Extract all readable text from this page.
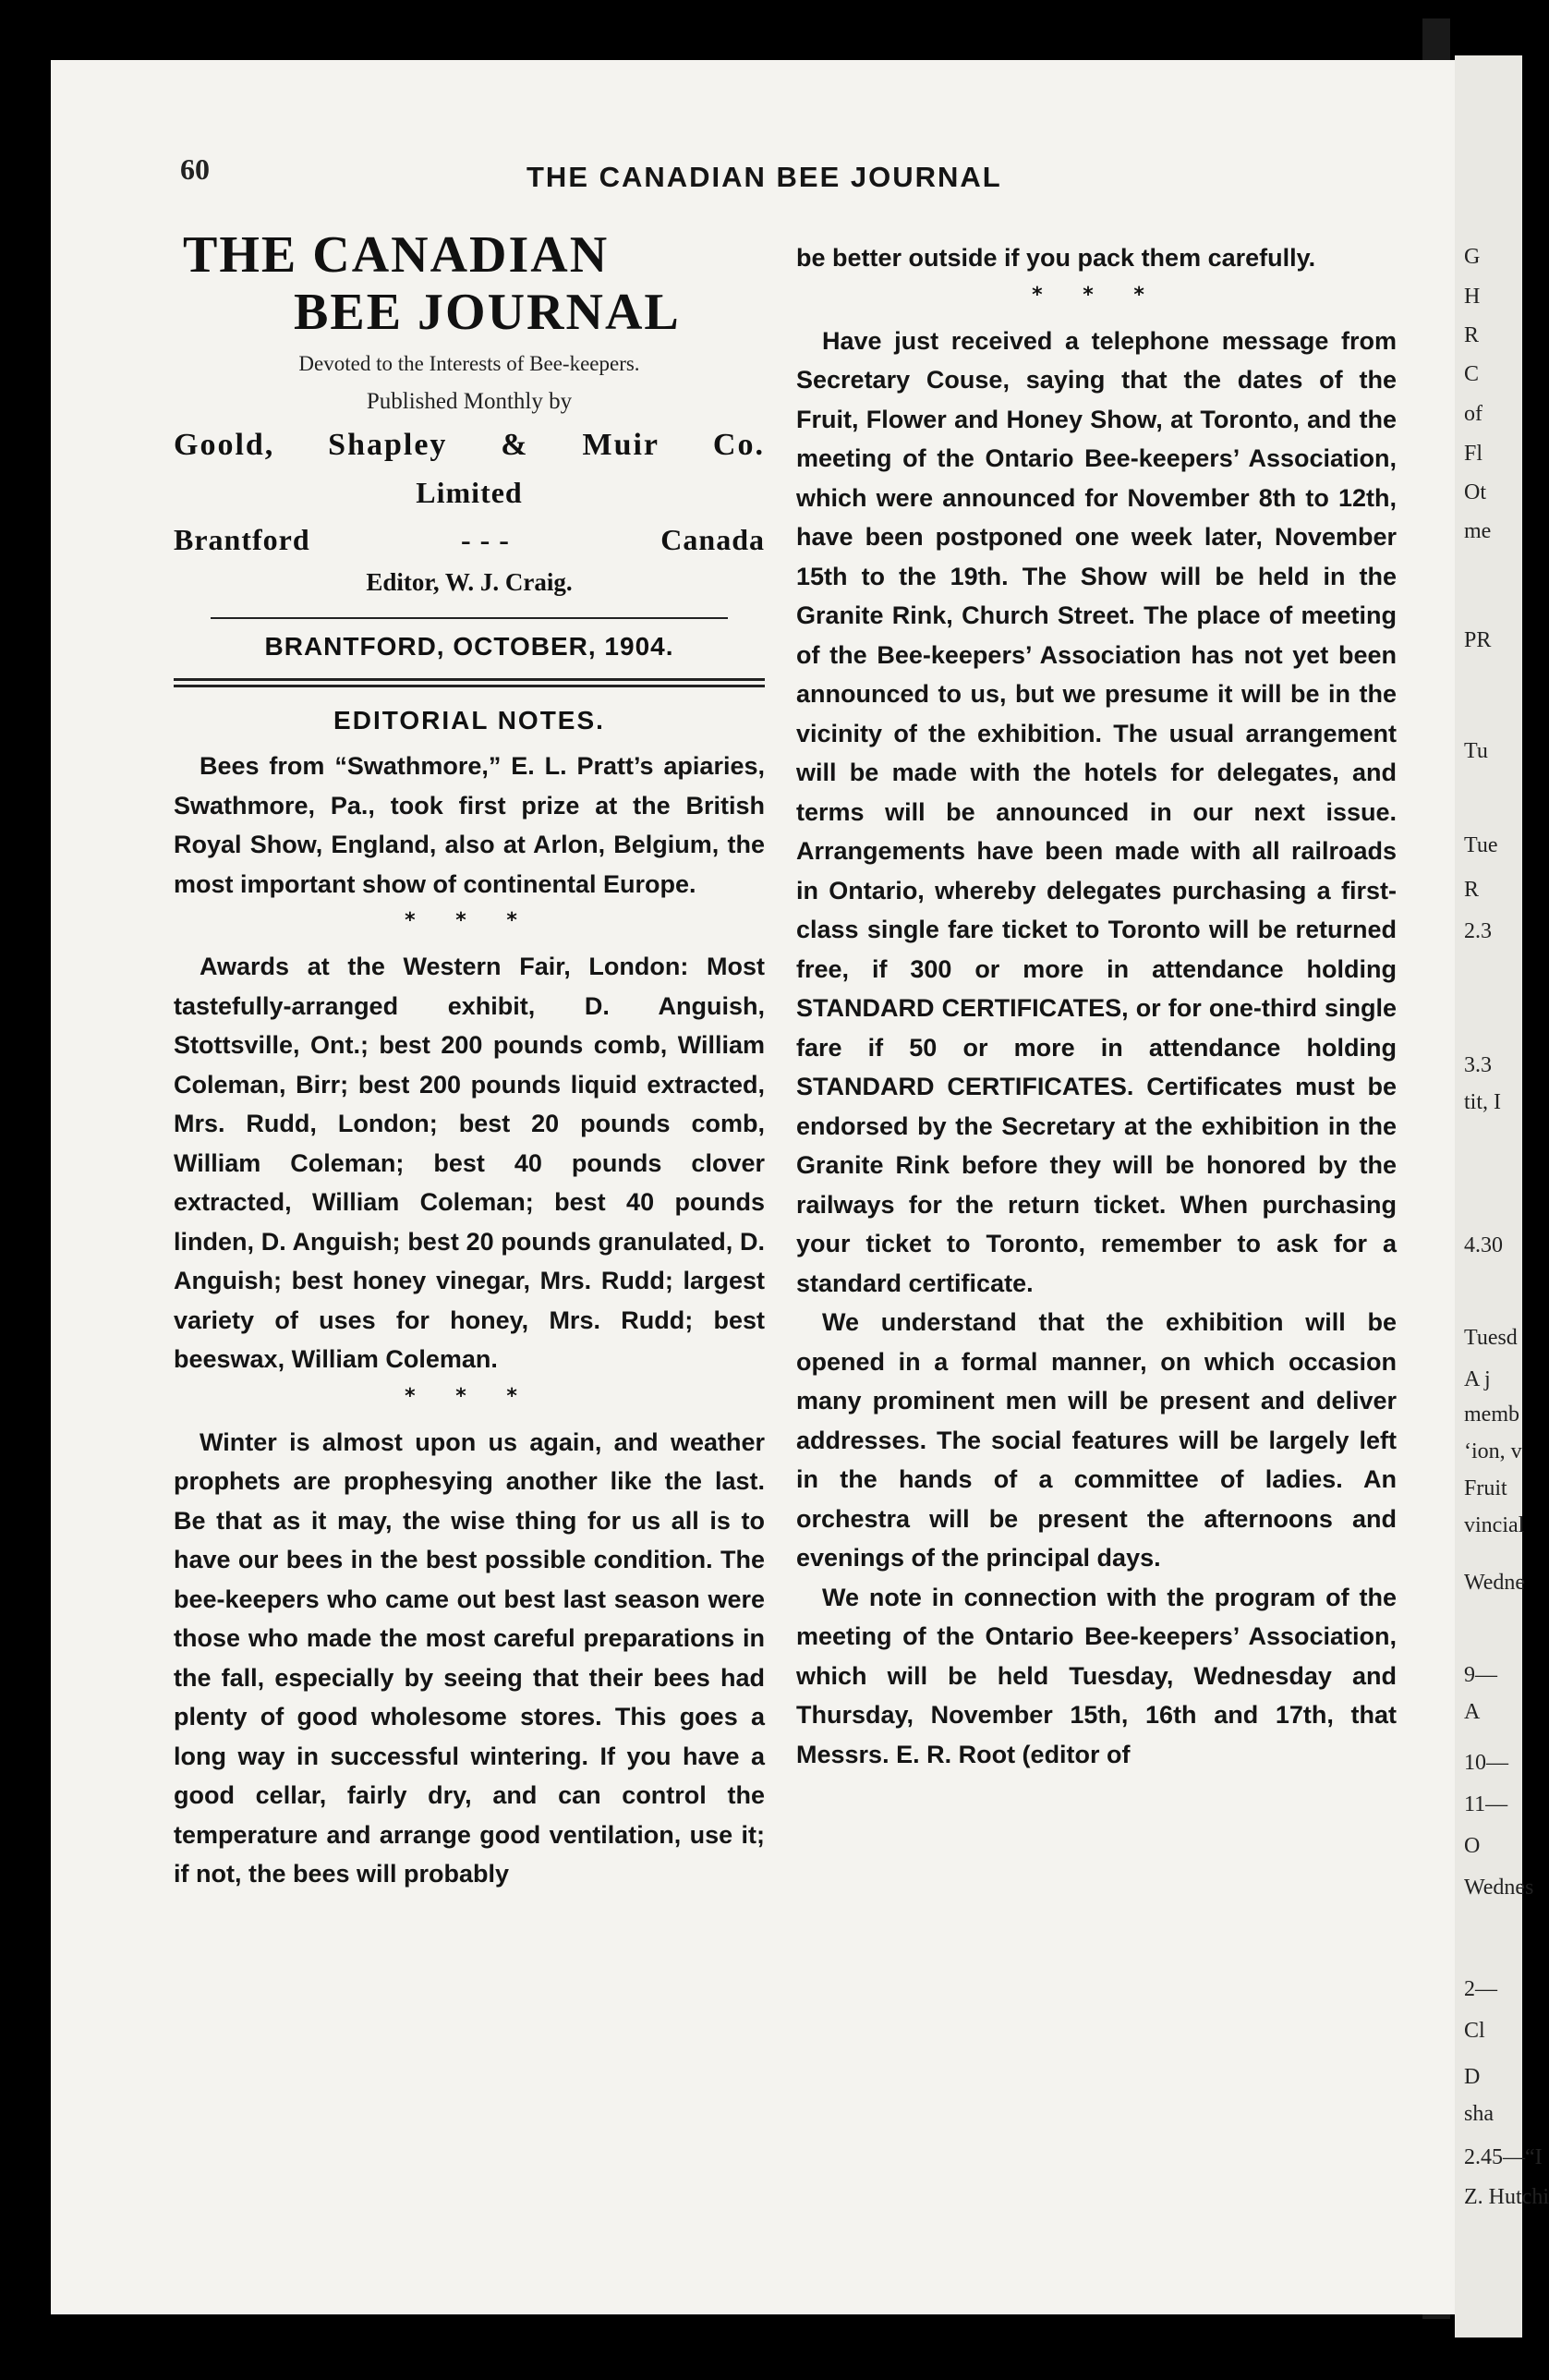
G
H
R
C
of
Fl
Ot
me
PR
Tu
Tue
R
2.3
3.3
tit, I
4.30
Tuesd
A j
memb
‘ion, v
Fruit
vincial
Wedne
9—
A
10—
11—
O
Wednes
2—
Cl
D
sha
2.45—“I
Z. Hutchi
60	THE CANADIAN BEE JOURNAL
THE CANADIAN
BEE JOURNAL
Devoted to the Interests of Bee-keepers.
Published Monthly by
Goold, Shapley & Muir Co.
Limited
Brantford	- - -	Canada
Editor, W. J. Craig.
BRANTFORD, OCTOBER, 1904.
EDITORIAL NOTES.

Bees from “Swathmore,” E. L. Pratt’s apiaries, Swathmore, Pa., took first prize at the British Royal Show, England, also at Arlon, Belgium, the most important show of continental Europe.

* * *

Awards at the Western Fair, London: Most tastefully-arranged exhibit, D. Anguish, Stottsville, Ont.; best 200 pounds comb, William Coleman, Birr; best 200 pounds liquid extracted, Mrs. Rudd, London; best 20 pounds comb, William Coleman; best 40 pounds clover extracted, William Coleman; best 40 pounds linden, D. Anguish; best 20 pounds granulated, D. Anguish; best honey vinegar, Mrs. Rudd; largest variety of uses for honey, Mrs. Rudd; best beeswax, William Coleman.

* * *

Winter is almost upon us again, and weather prophets are prophesying another like the last. Be that as it may, the wise thing for us all is to have our bees in the best possible condition. The bee-keepers who came out best last season were those who made the most careful preparations in the fall, especially by seeing that their bees had plenty of good wholesome stores. This goes a long way in successful wintering. If you have a good cellar, fairly dry, and can control the temperature and arrange good ventilation, use it; if not, the bees will probably

be better outside if you pack them carefully.

* * *

Have just received a telephone message from Secretary Couse, saying that the dates of the Fruit, Flower and Honey Show, at Toronto, and the meeting of the Ontario Bee-keepers’ Association, which were announced for November 8th to 12th, have been postponed one week later, November 15th to the 19th. The Show will be held in the Granite Rink, Church Street. The place of meeting of the Bee-keepers’ Association has not yet been announced to us, but we presume it will be in the vicinity of the exhibition. The usual arrangement will be made with the hotels for delegates, and terms will be announced in our next issue. Arrangements have been made with all railroads in Ontario, whereby delegates purchasing a first-class single fare ticket to Toronto will be returned free, if 300 or more in attendance holding STANDARD CERTIFICATES, or for one-third single fare if 50 or more in attendance holding STANDARD CERTIFICATES. Certificates must be endorsed by the Secretary at the exhibition in the Granite Rink before they will be honored by the railways for the return ticket. When purchasing your ticket to Toronto, remember to ask for a standard certificate.

We understand that the exhibition will be opened in a formal manner, on which occasion many prominent men will be present and deliver addresses. The social features will be largely left in the hands of a committee of ladies. An orchestra will be present the afternoons and evenings of the principal days.

We note in connection with the program of the meeting of the Ontario Bee-keepers’ Association, which will be held Tuesday, Wednesday and Thursday, November 15th, 16th and 17th, that Messrs. E. R. Root (editor of
